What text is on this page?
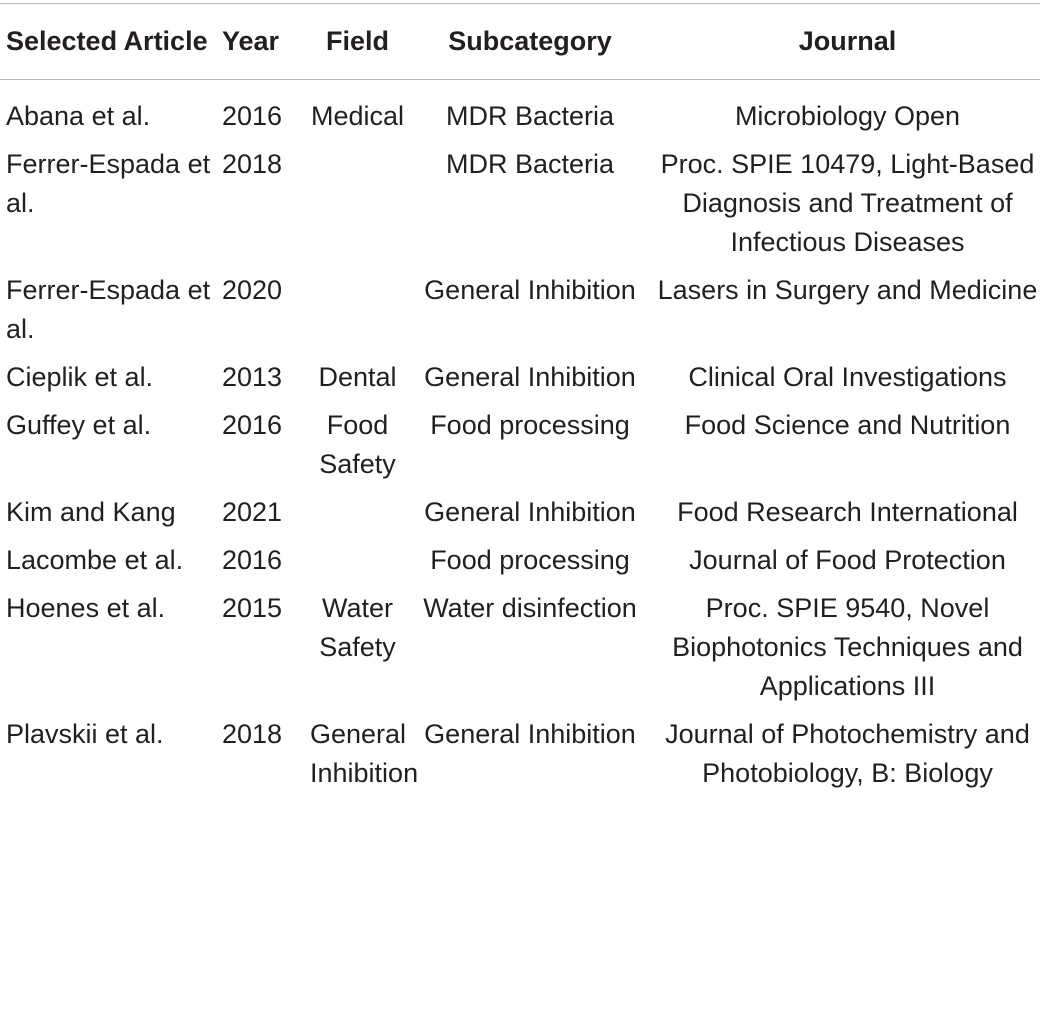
Selected Article	Year	Field	Subcategory	Journal
Abana et al.	2016	Medical	MDR Bacteria	Microbiology Open
Ferrer-Espada et al.	2018		MDR Bacteria	Proc. SPIE 10479, Light-Based Diagnosis and Treatment of Infectious Diseases
Ferrer-Espada et al.	2020		General Inhibition	Lasers in Surgery and Medicine
Cieplik et al.	2013	Dental	General Inhibition	Clinical Oral Investigations
Guffey et al.	2016	Food Safety	Food processing	Food Science and Nutrition
Kim and Kang	2021		General Inhibition	Food Research International
Lacombe et al.	2016		Food processing	Journal of Food Protection
Hoenes et al.	2015	Water Safety	Water disinfection	Proc. SPIE 9540, Novel Biophotonics Techniques and Applications III
Plavskii et al.	2018	General Inhibition	General Inhibition	Journal of Photochemistry and Photobiology, B: Biology
